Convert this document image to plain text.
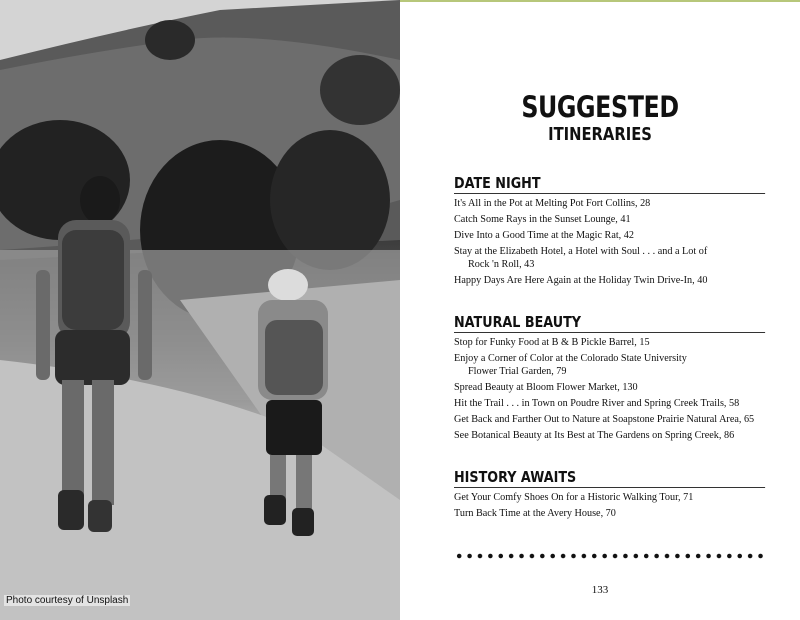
Photo courtesy of Unsplash
SUGGESTED
ITINERARIES
DATE NIGHT
It's All in the Pot at Melting Pot Fort Collins, 28
Catch Some Rays in the Sunset Lounge, 41
Dive Into a Good Time at the Magic Rat, 42
Stay at the Elizabeth Hotel, a Hotel with Soul . . . and a Lot of
Rock 'n Roll, 43
Happy Days Are Here Again at the Holiday Twin Drive-In, 40
NATURAL BEAUTY
Stop for Funky Food at B & B Pickle Barrel, 15
Enjoy a Corner of Color at the Colorado State University
Flower Trial Garden, 79
Spread Beauty at Bloom Flower Market, 130
Hit the Trail . . . in Town on Poudre River and Spring Creek Trails, 58
Get Back and Farther Out to Nature at Soapstone Prairie Natural Area, 65
See Botanical Beauty at Its Best at The Gardens on Spring Creek, 86
HISTORY AWAITS
Get Your Comfy Shoes On for a Historic Walking Tour, 71
Turn Back Time at the Avery House, 70
133
